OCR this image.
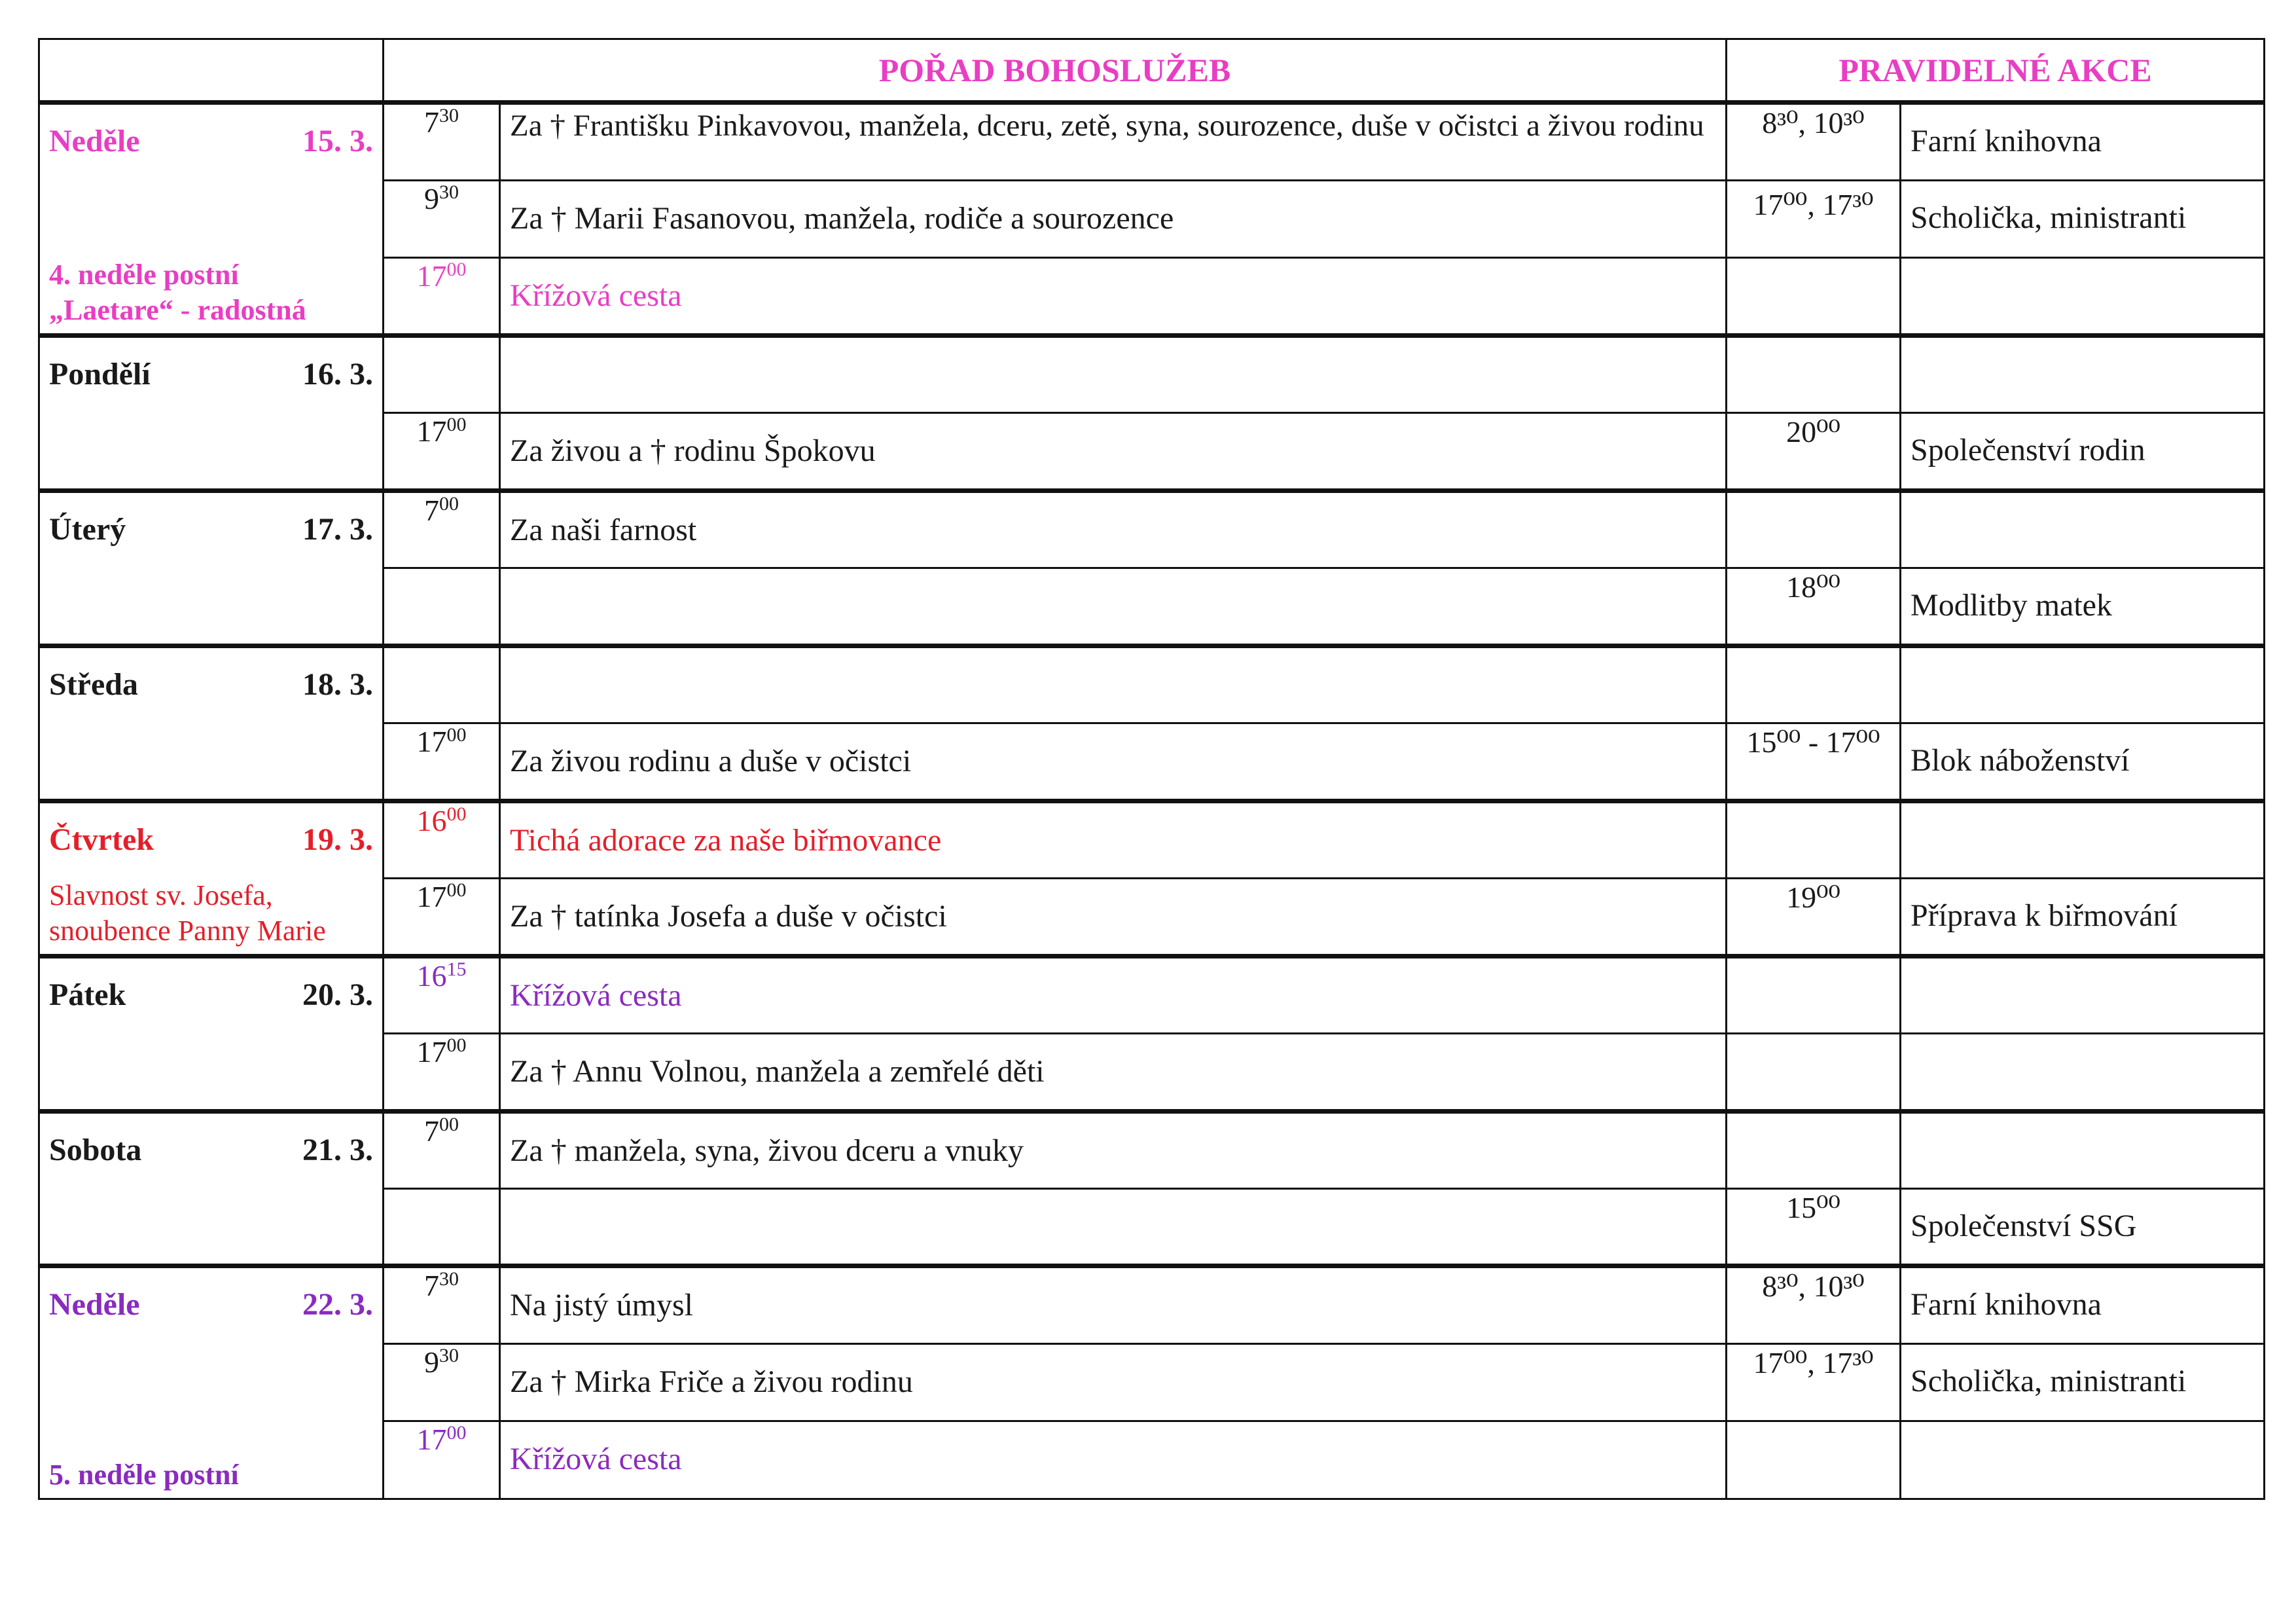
	POŘAD BOHOSLUŽEB		PRAVIDELNÉ AKCE	

Neděle 15. 3.
4. neděle postní
„Laetare“ - radostná	$7^{30}$	Za † Františku Pinkavovou, manžela, dceru, zetě, syna, sourozence, duše v očistci a živou rodinu	8³⁰, 10³⁰	Farní knihovna

	$9^{30}$	Za † Marii Fasanovou, manžela, rodiče a sourozence	17⁰⁰, 17³⁰	Scholička, ministranti

	$17^{00}$	Křížová cesta		

Pondělí 16. 3.				

	$17^{00}$	Za živou a † rodinu Špokovu	20⁰⁰	Společenství rodin

Úterý 17. 3.	$7^{00}$	Za naši farnost		

			18⁰⁰	Modlitby matek

Středa 18. 3.				

	$17^{00}$	Za živou rodinu a duše v očistci	15⁰⁰ - 17⁰⁰	Blok náboženství

Čtvrtek 19. 3.
Slavnost sv. Josefa,
snoubence Panny Marie	$16^{00}$	Tichá adorace za naše biřmovance		

	$17^{00}$	Za † tatínka Josefa a duše v očistci	19⁰⁰	Příprava k biřmování

Pátek 20. 3.	$16^{15}$	Křížová cesta		

	$17^{00}$	Za † Annu Volnou, manžela a zemřelé děti		

Sobota 21. 3.	$7^{00}$	Za † manžela, syna, živou dceru a vnuky		

			15⁰⁰	Společenství SSG

Neděle 22. 3.
5. neděle postní	$7^{30}$	Na jistý úmysl	8³⁰, 10³⁰	Farní knihovna

	$9^{30}$	Za † Mirka Friče a živou rodinu	17⁰⁰, 17³⁰	Scholička, ministranti

	$17^{00}$	Křížová cesta		
